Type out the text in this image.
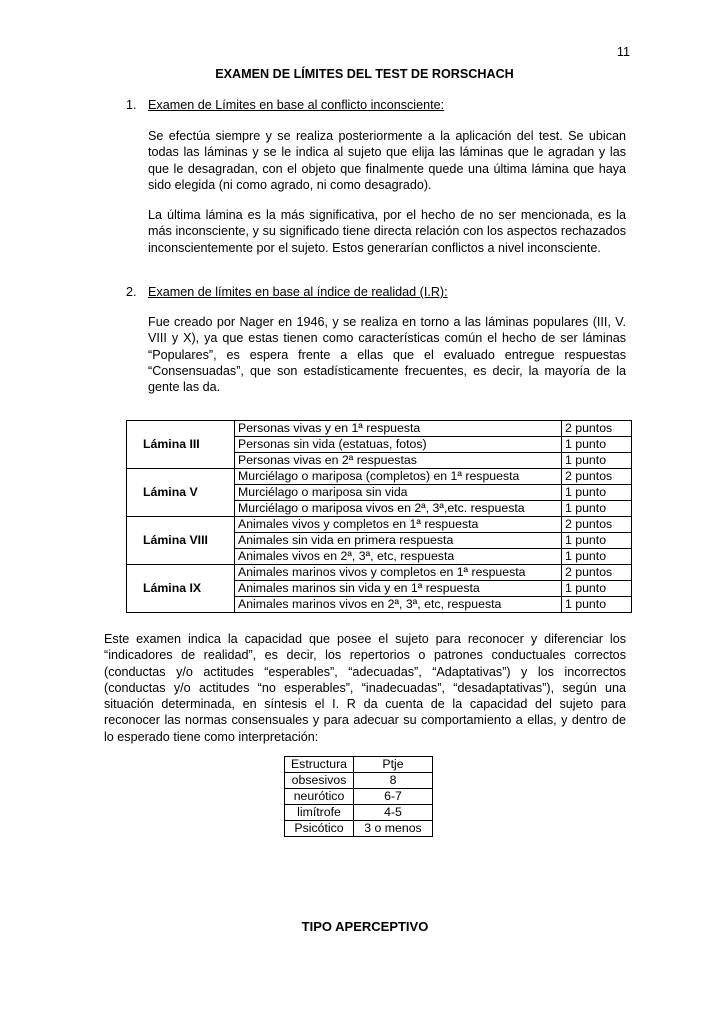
11
EXAMEN DE LÍMITES DEL TEST DE RORSCHACH
1. Examen de Límites en base al conflicto inconsciente:
Se efectúa siempre y se realiza posteriormente a la aplicación del test. Se ubican todas las láminas y se le indica al sujeto que elija las láminas que le agradan y las que le desagradan, con el objeto que finalmente quede una última lámina que haya sido elegida (ni como agrado, ni como desagrado).
La última lámina es la más significativa, por el hecho de no ser mencionada, es la más inconsciente, y su significado tiene directa relación con los aspectos rechazados inconscientemente por el sujeto. Estos generarían conflictos a nivel inconsciente.
2. Examen de límites en base al índice de realidad (I.R):
Fue creado por Nager en 1946, y se realiza en torno a las láminas populares (III, V. VIII y X), ya que estas tienen como características común el hecho de ser láminas “Populares”, es espera frente a ellas que el evaluado entregue respuestas “Consensuadas”, que son estadísticamente frecuentes, es decir, la mayoría de la gente las da.
Lámina III	Personas vivas y en 1ª respuesta	2 puntos
	Personas sin vida (estatuas, fotos)	1 punto
	Personas vivas en 2ª respuestas	1 punto
Lámina V	Murciélago o mariposa (completos) en 1ª respuesta	2 puntos
	Murciélago o mariposa sin vida	1 punto
	Murciélago o mariposa vivos en 2ª, 3ª,etc. respuesta	1 punto
Lámina VIII	Animales vivos y completos en 1ª respuesta	2 puntos
	Animales sin vida en primera respuesta	1 punto
	Animales vivos en 2ª, 3ª, etc, respuesta	1 punto
Lámina IX	Animales marinos vivos y completos en 1ª respuesta	2 puntos
	Animales marinos sin vida y en 1ª respuesta	1 punto
	Animales marinos vivos en 2ª, 3ª, etc, respuesta	1 punto
Este examen indica la capacidad que posee el sujeto para reconocer y diferenciar los “indicadores de realidad”, es decir, los repertorios o patrones conductuales correctos (conductas y/o actitudes “esperables”, “adecuadas”, “Adaptativas”) y los incorrectos (conductas y/o actitudes “no esperables”, “inadecuadas”, “desadaptativas”), según una situación determinada, en síntesis el I. R da cuenta de la capacidad del sujeto para reconocer las normas consensuales y para adecuar su comportamiento a ellas, y dentro de lo esperado tiene como interpretación:
Estructura	Ptje
obsesivos	8
neurótico	6-7
limítrofe	4-5
Psicótico	3 o menos
TIPO APERCEPTIVO
